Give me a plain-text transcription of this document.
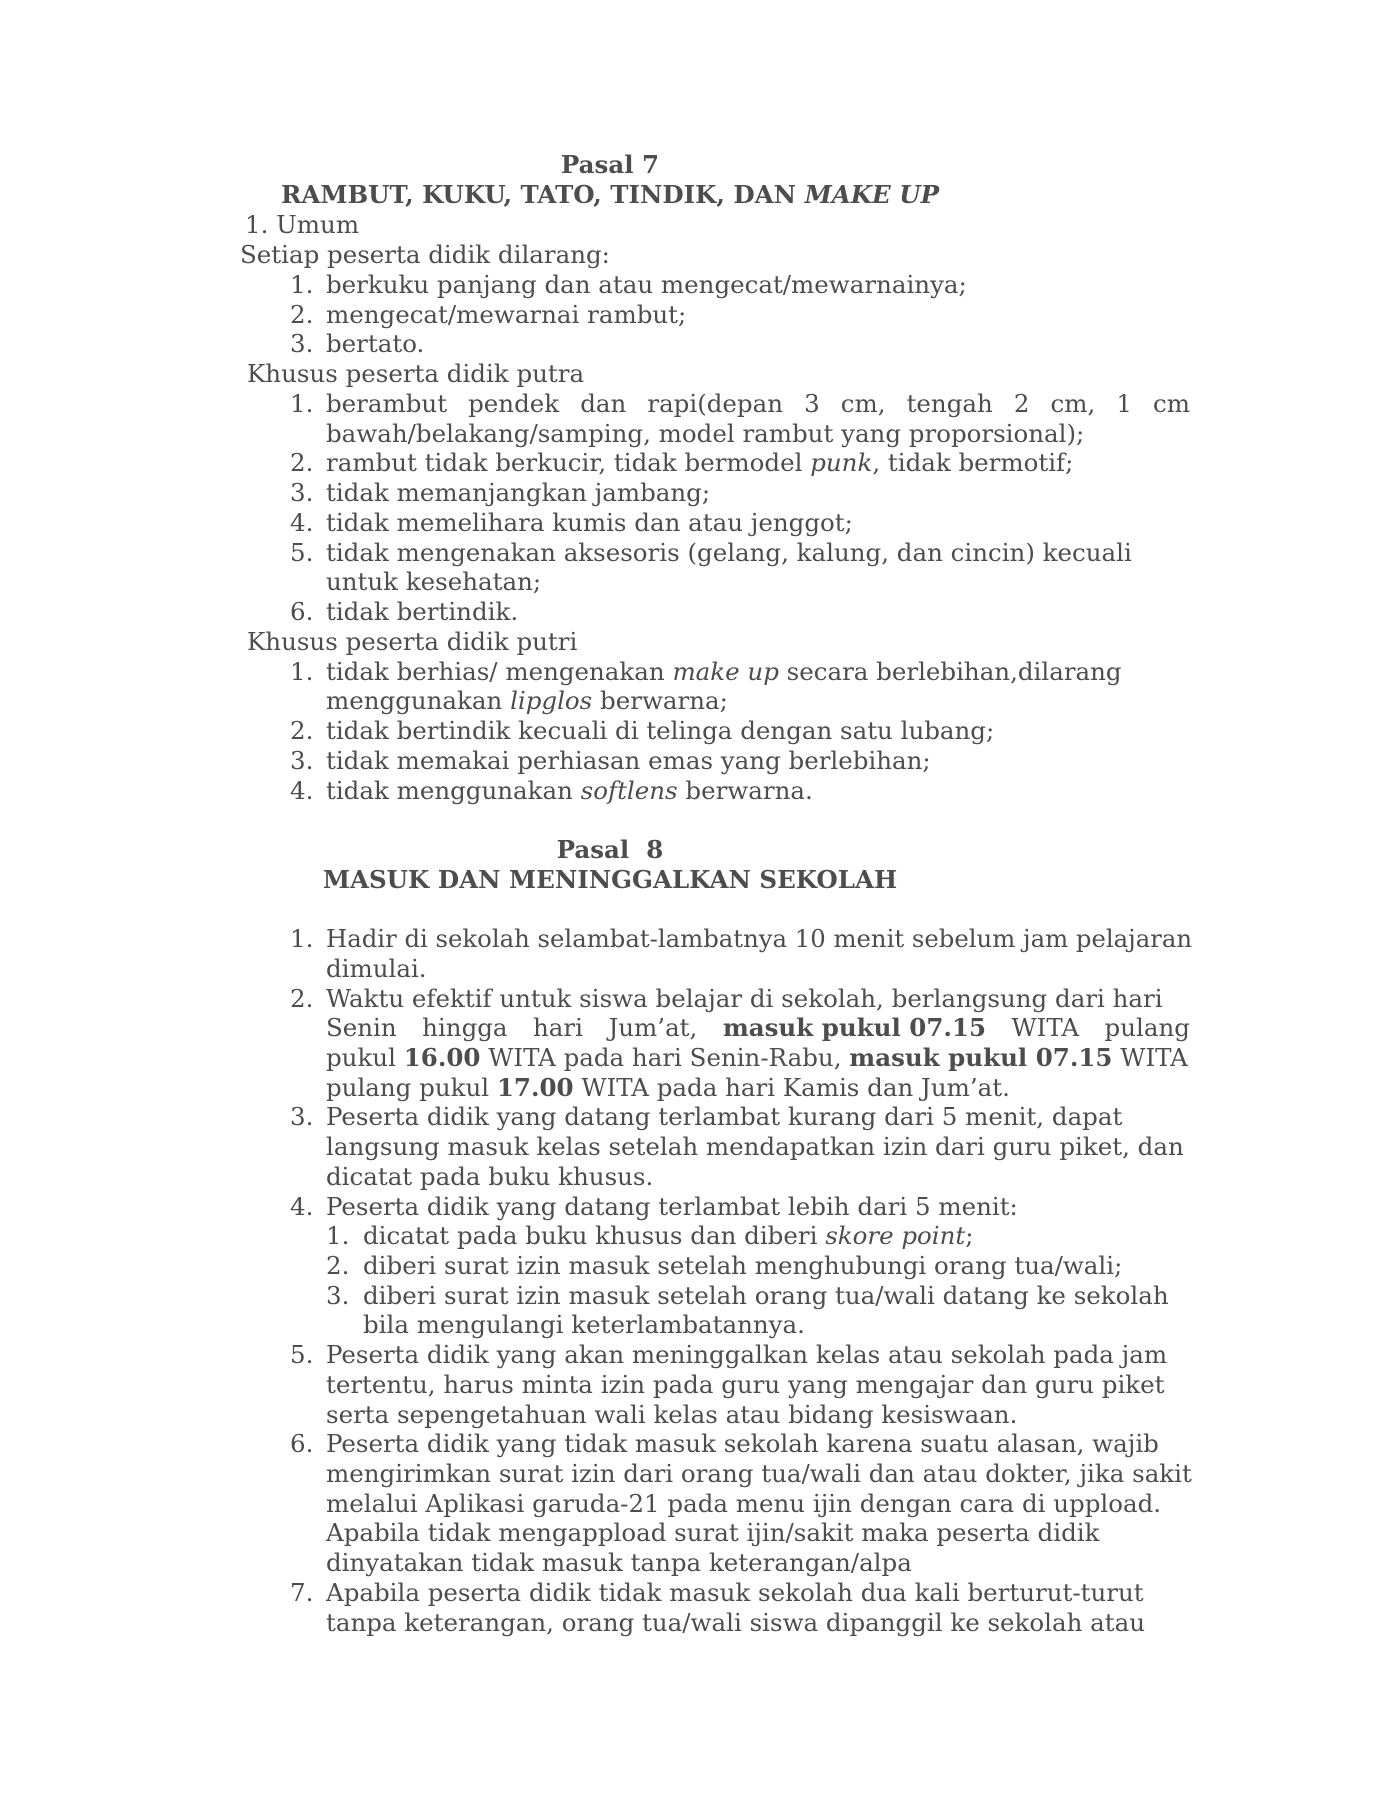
Pasal 7
RAMBUT, KUKU, TATO, TINDIK, DAN MAKE UP
1. Umum
Setiap peserta didik dilarang:
1. berkuku panjang dan atau mengecat/mewarnainya;
2. mengecat/mewarnai rambut;
3. bertato.
Khusus peserta didik putra
1. berambut  pendek  dan  rapi(depan  3  cm,  tengah  2  cm,  1  cm
bawah/belakang/samping, model rambut yang proporsional);
2. rambut tidak berkucir, tidak bermodel punk, tidak bermotif;
3. tidak memanjangkan jambang;
4. tidak memelihara kumis dan atau jenggot;
5. tidak mengenakan aksesoris (gelang, kalung, dan cincin) kecuali
untuk kesehatan;
6. tidak bertindik.
Khusus peserta didik putri
1. tidak berhias/ mengenakan make up secara berlebihan,dilarang
menggunakan lipglos berwarna;
2. tidak bertindik kecuali di telinga dengan satu lubang;
3. tidak memakai perhiasan emas yang berlebihan;
4. tidak menggunakan softlens berwarna.
Pasal  8
MASUK DAN MENINGGALKAN SEKOLAH
1. Hadir di sekolah selambat-lambatnya 10 menit sebelum jam pelajaran
dimulai.
2. Waktu efektif untuk siswa belajar di sekolah, berlangsung dari hari
Senin hingga hari Jum’at, masuk pukul 07.15 WITA pulang
pukul 16.00 WITA pada hari Senin-Rabu, masuk pukul 07.15 WITA
pulang pukul 17.00 WITA pada hari Kamis dan Jum’at.
3. Peserta didik yang datang terlambat kurang dari 5 menit, dapat
langsung masuk kelas setelah mendapatkan izin dari guru piket, dan
dicatat pada buku khusus.
4. Peserta didik yang datang terlambat lebih dari 5 menit:
1. dicatat pada buku khusus dan diberi skore point;
2. diberi surat izin masuk setelah menghubungi orang tua/wali;
3. diberi surat izin masuk setelah orang tua/wali datang ke sekolah
bila mengulangi keterlambatannya.
5. Peserta didik yang akan meninggalkan kelas atau sekolah pada jam
tertentu, harus minta izin pada guru yang mengajar dan guru piket
serta sepengetahuan wali kelas atau bidang kesiswaan.
6. Peserta didik yang tidak masuk sekolah karena suatu alasan, wajib
mengirimkan surat izin dari orang tua/wali dan atau dokter, jika sakit
melalui Aplikasi garuda-21 pada menu ijin dengan cara di uppload.
Apabila tidak mengappload surat ijin/sakit maka peserta didik
dinyatakan tidak masuk tanpa keterangan/alpa
7. Apabila peserta didik tidak masuk sekolah dua kali berturut-turut
tanpa keterangan, orang tua/wali siswa dipanggil ke sekolah atau
